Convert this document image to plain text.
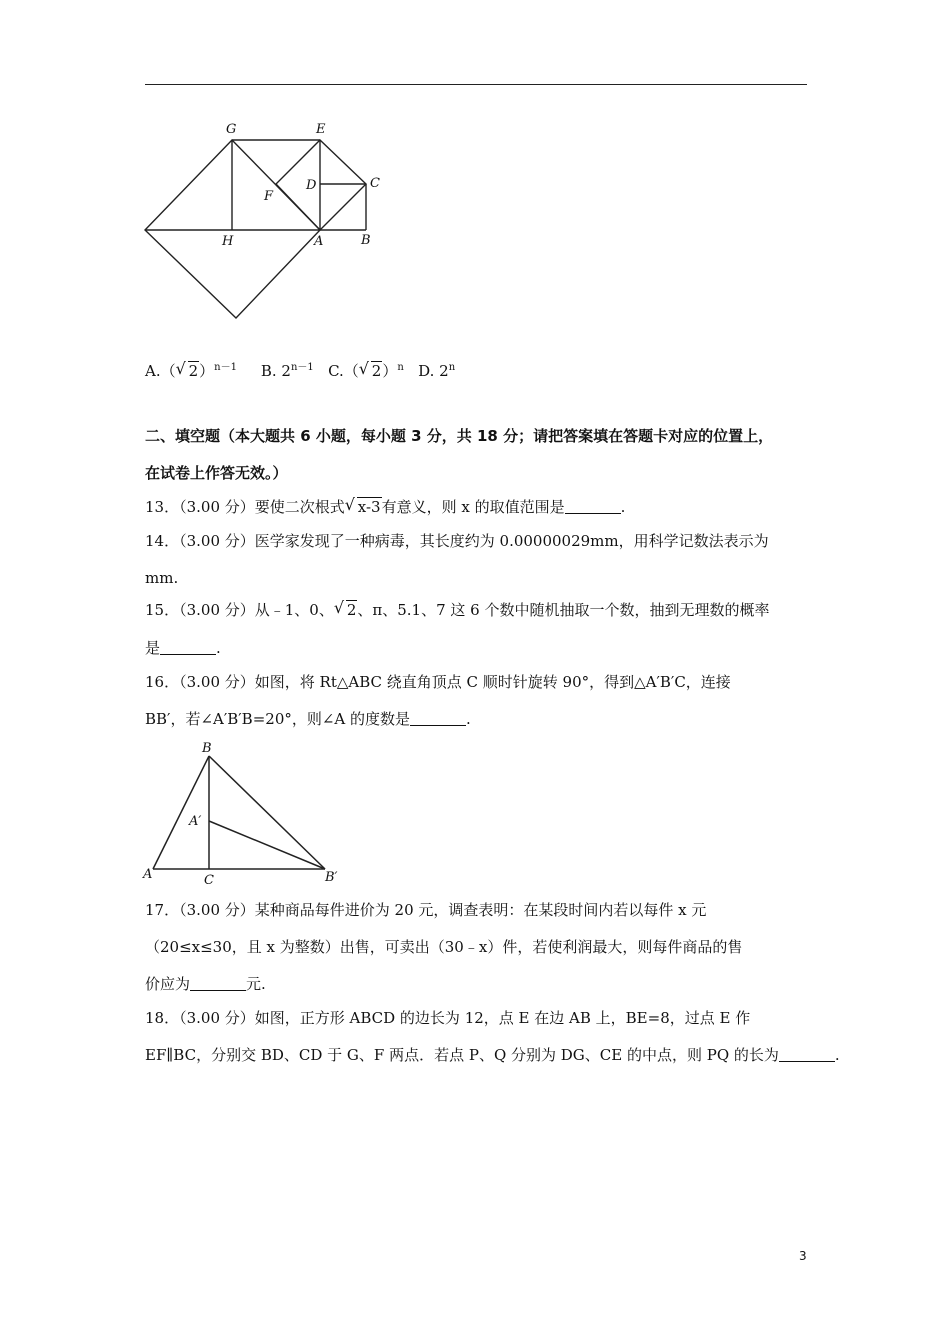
G	E
D	C
F
H	A	B
A.（ √ 2）$^{n-1}$ B. $2^{n-1}$ C.（ √ 2）$^n$ D. 2$^n$
二、填空题（本大题共 6 小题，每小题 3 分，共 18 分；请把答案填在答题卡对应的位置上，
在试卷上作答无效。）
13．（3.00 分）要使二次根式 √ x-3有意义，则 x 的取值范围是	.
14．（3.00 分）医学家发现了一种病毒，其长度约为 0.00000029mm，用科学记数法表示为
mm.
15．（3.00 分）从﹣1、0、 √ 2、π、5.1、7 这 6 个数中随机抽取一个数，抽到无理数的概率
是	.
16．（3.00 分）如图，将 Rt△ABC 绕直角顶点 C 顺时针旋转 90°，得到△A′B′C，连接
BB′，若∠A′B′B=20°，则∠A 的度数是	.
B
A′
A	C	B′
17．（3.00 分）某种商品每件进价为 20 元，调查表明：在某段时间内若以每件 x 元
（20≤x≤30，且 x 为整数）出售，可卖出（30﹣x）件，若使利润最大，则每件商品的售
价应为	元.
18．（3.00 分）如图，正方形 ABCD 的边长为 12，点 E 在边 AB 上，BE=8，过点 E 作
EF∥BC，分别交 BD、CD 于 G、F 两点．若点 P、Q 分别为 DG、CE 的中点，则 PQ 的长为	.
3
